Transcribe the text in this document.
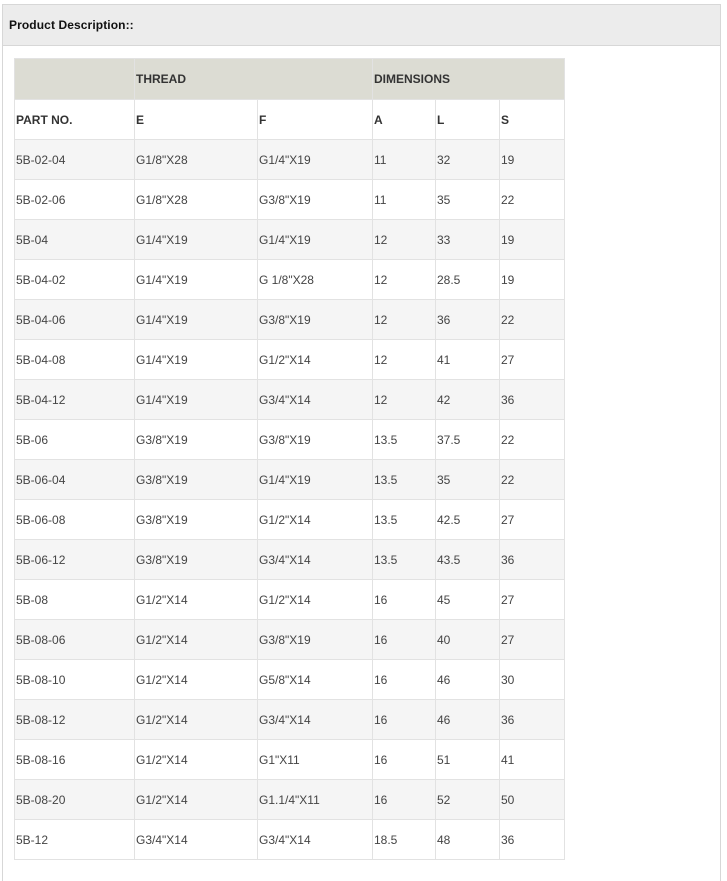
Product Description::
	THREAD		DIMENSIONS		
PART NO.	E	F	A	L	S
5B-02-04	G1/8"X28	G1/4"X19	11	32	19
5B-02-06	G1/8"X28	G3/8"X19	11	35	22
5B-04	G1/4"X19	G1/4"X19	12	33	19
5B-04-02	G1/4"X19	G 1/8"X28	12	28.5	19
5B-04-06	G1/4"X19	G3/8"X19	12	36	22
5B-04-08	G1/4"X19	G1/2"X14	12	41	27
5B-04-12	G1/4"X19	G3/4"X14	12	42	36
5B-06	G3/8"X19	G3/8"X19	13.5	37.5	22
5B-06-04	G3/8"X19	G1/4"X19	13.5	35	22
5B-06-08	G3/8"X19	G1/2"X14	13.5	42.5	27
5B-06-12	G3/8"X19	G3/4"X14	13.5	43.5	36
5B-08	G1/2"X14	G1/2"X14	16	45	27
5B-08-06	G1/2"X14	G3/8"X19	16	40	27
5B-08-10	G1/2"X14	G5/8"X14	16	46	30
5B-08-12	G1/2"X14	G3/4"X14	16	46	36
5B-08-16	G1/2"X14	G1"X11	16	51	41
5B-08-20	G1/2"X14	G1.1/4"X11	16	52	50
5B-12	G3/4"X14	G3/4"X14	18.5	48	36
